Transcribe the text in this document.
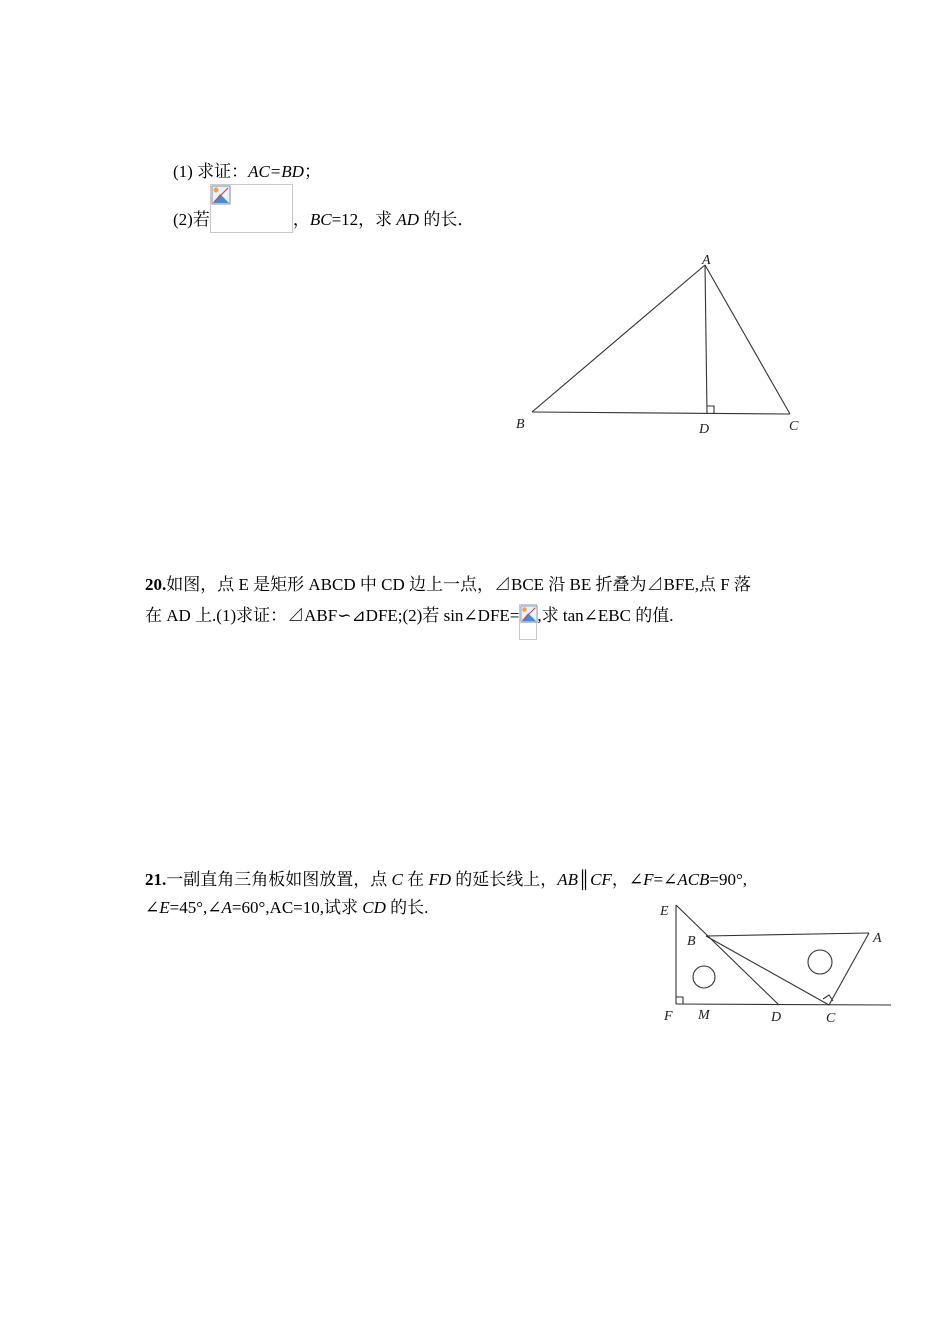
(1) 求证：AC=BD；
(2)若	，BC=12，求 AD 的长．
A
B	C
D
20.如图，点 E 是矩形 ABCD 中 CD 边上一点，⊿BCE 沿 BE 折叠为⊿BFE,点 F 落
在 AD 上.(1)求证：⊿ABF∽⊿DFE;(2)若 sin∠DFE= ,求 tan∠EBC 的值.
21.一副直角三角板如图放置，点 C 在 FD 的延长线上，AB║CF，∠F=∠ACB=90°,
∠E=45°,∠A=60°,AC=10,试求 CD 的长.	E
B	A
F M	D	C
